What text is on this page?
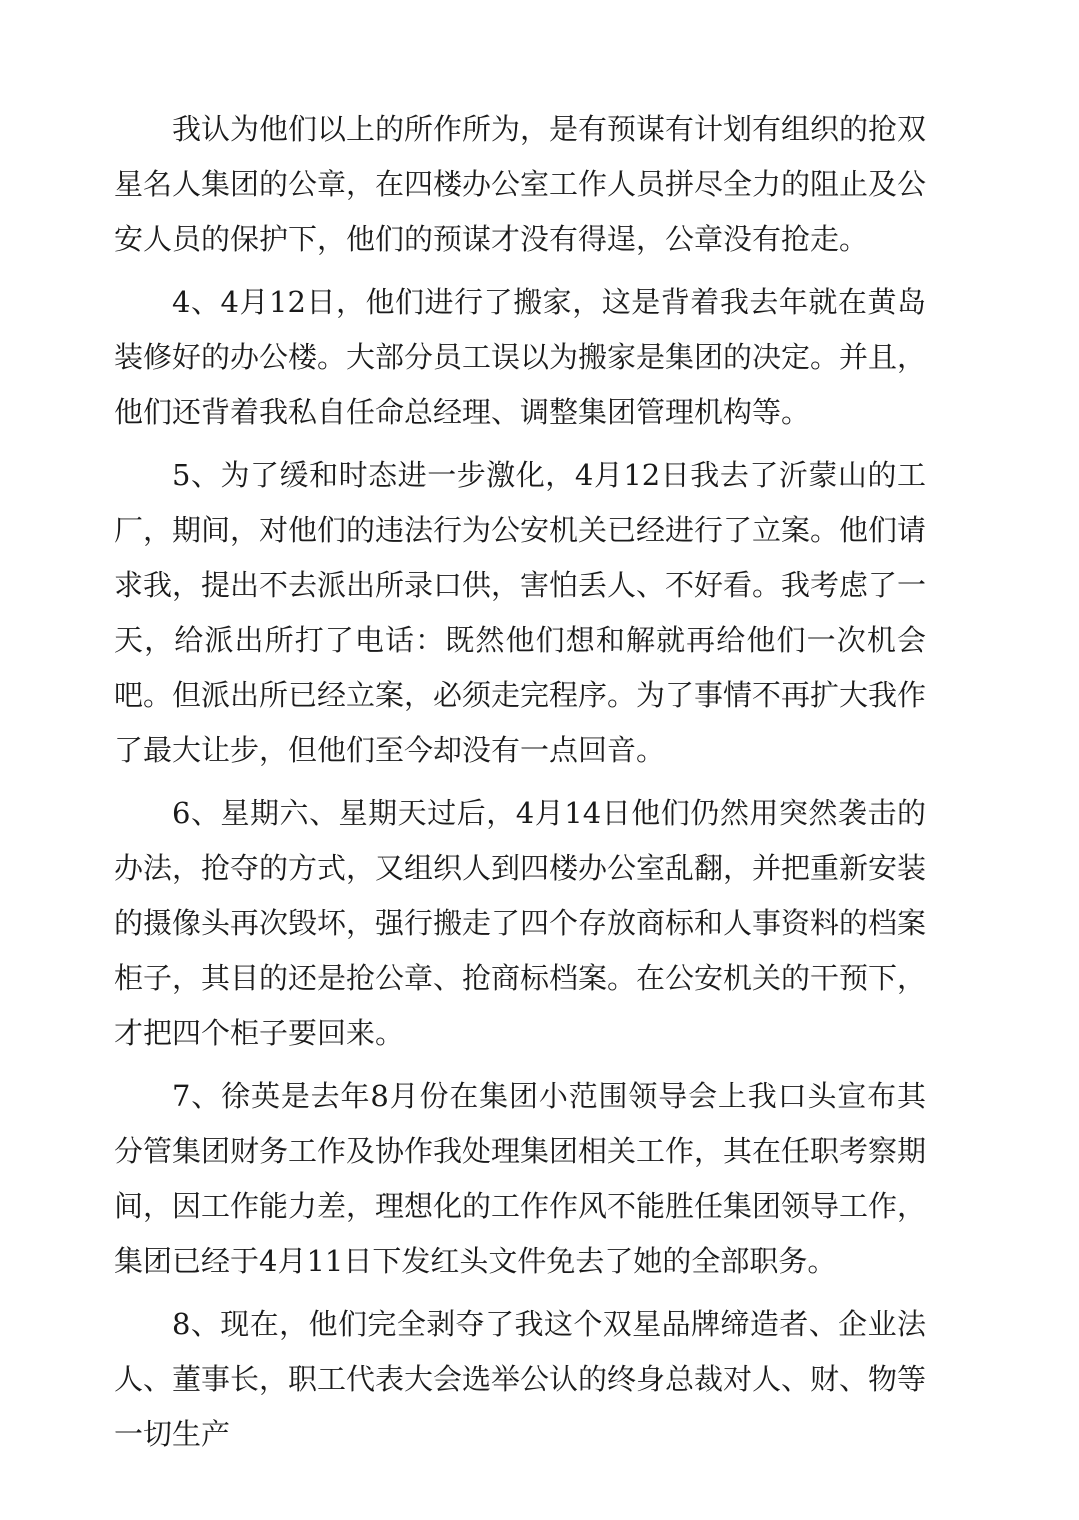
我认为他们以上的所作所为，是有预谋有计划有组织的抢双星名人集团的公章，在四楼办公室工作人员拼尽全力的阻止及公安人员的保护下，他们的预谋才没有得逞，公章没有抢走。

4、4月12日，他们进行了搬家，这是背着我去年就在黄岛装修好的办公楼。大部分员工误以为搬家是集团的决定。并且，他们还背着我私自任命总经理、调整集团管理机构等。

5、为了缓和时态进一步激化，4月12日我去了沂蒙山的工厂，期间，对他们的违法行为公安机关已经进行了立案。他们请求我，提出不去派出所录口供，害怕丢人、不好看。我考虑了一天，给派出所打了电话：既然他们想和解就再给他们一次机会吧。但派出所已经立案，必须走完程序。为了事情不再扩大我作了最大让步，但他们至今却没有一点回音。

6、星期六、星期天过后，4月14日他们仍然用突然袭击的办法，抢夺的方式，又组织人到四楼办公室乱翻，并把重新安装的摄像头再次毁坏，强行搬走了四个存放商标和人事资料的档案柜子，其目的还是抢公章、抢商标档案。在公安机关的干预下，才把四个柜子要回来。

7、徐英是去年8月份在集团小范围领导会上我口头宣布其分管集团财务工作及协作我处理集团相关工作，其在任职考察期间，因工作能力差，理想化的工作作风不能胜任集团领导工作，集团已经于4月11日下发红头文件免去了她的全部职务。

8、现在，他们完全剥夺了我这个双星品牌缔造者、企业法人、董事长，职工代表大会选举公认的终身总裁对人、财、物等一切生产
